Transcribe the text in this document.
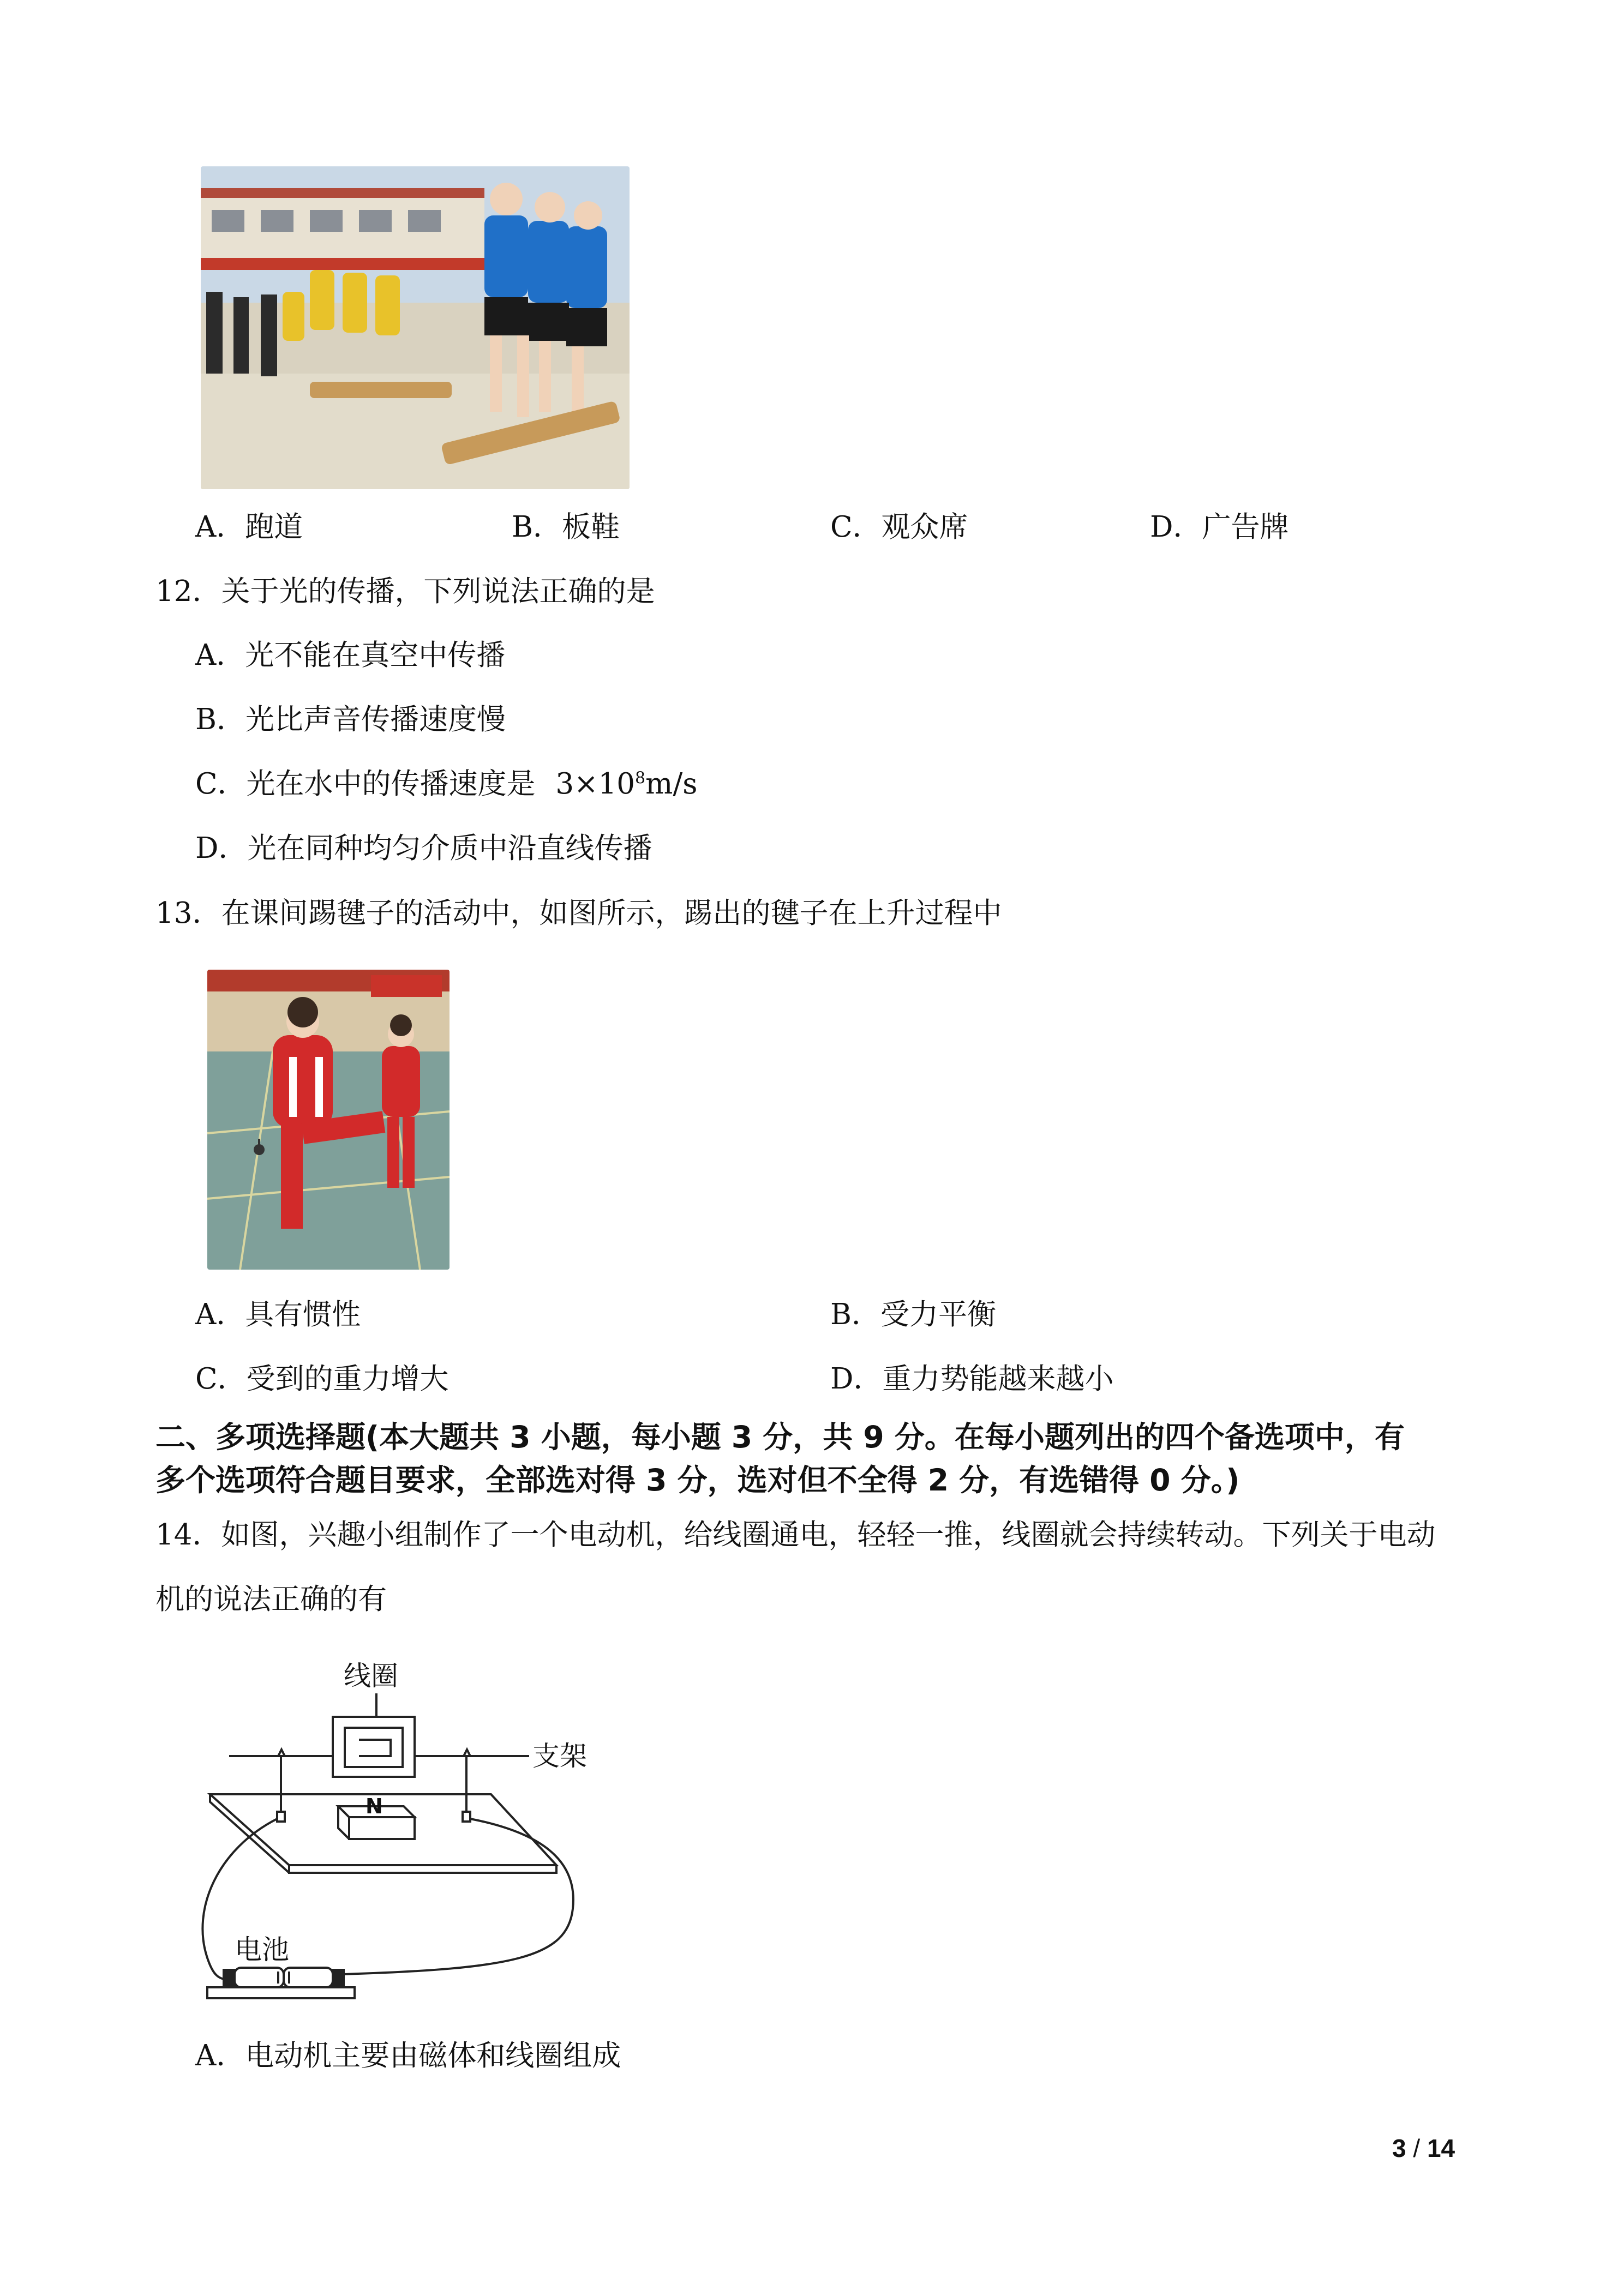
A．跑道	B．板鞋	C．观众席	D．广告牌
12．关于光的传播，下列说法正确的是
A．光不能在真空中传播
B．光比声音传播速度慢
C．光在水中的传播速度是 $3\times 10^8m/s$
D．光在同种均匀介质中沿直线传播
13．在课间踢毽子的活动中，如图所示，踢出的毽子在上升过程中
A．具有惯性	B．受力平衡
C．受到的重力增大	D．重力势能越来越小
二、多项选择题(本大题共 3 小题，每小题 3 分，共 9 分。在每小题列出的四个备选项中，有
多个选项符合题目要求，全部选对得 3 分，选对但不全得 2 分，有选错得 0 分。)
14．如图，兴趣小组制作了一个电动机，给线圈通电，轻轻一推，线圈就会持续转动。下列关于电动
机的说法正确的有
线圈
支架
N
电池
A．电动机主要由磁体和线圈组成
3 / 14
